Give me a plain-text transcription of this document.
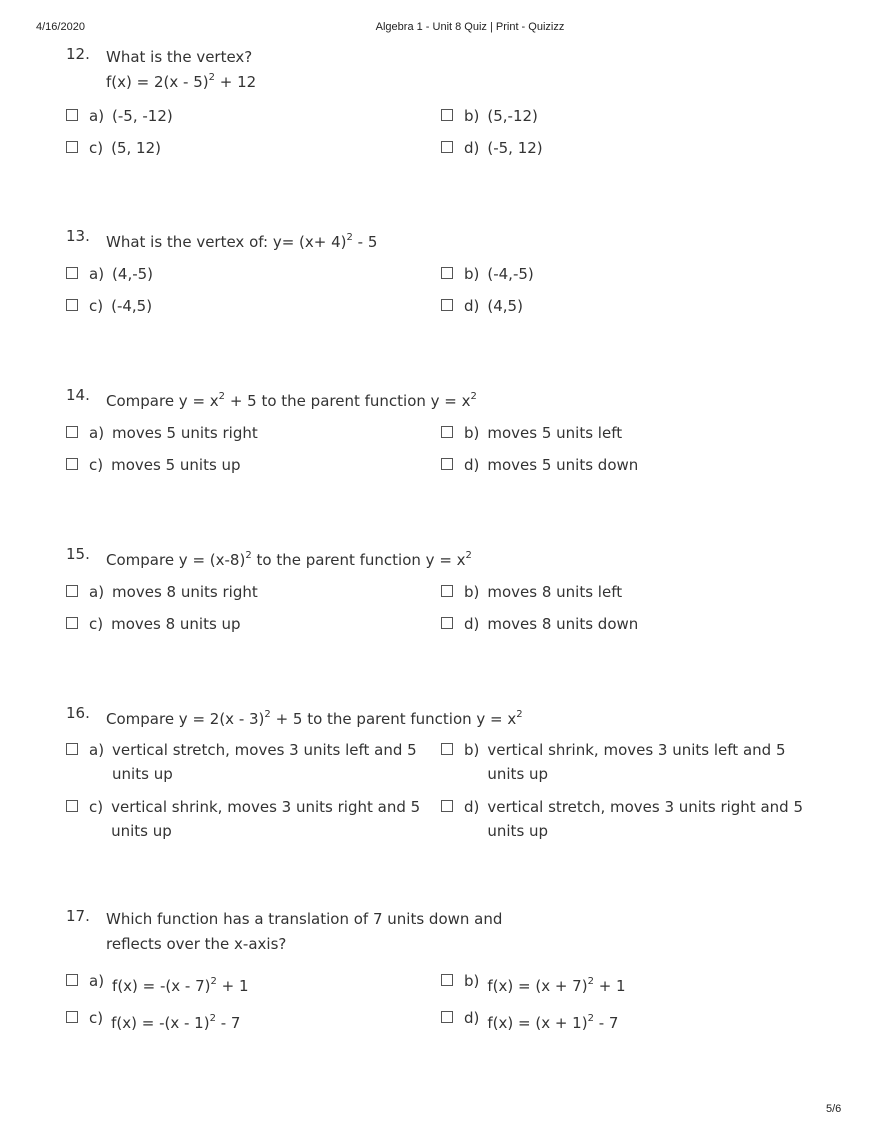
4/16/2020	Algebra 1 - Unit 8 Quiz | Print - Quizizz
12. What is the vertex?
f(x) = 2(x - 5)$^2$ + 12
a) (-5, -12)	b) (5,-12)
c) (5, 12)	d) (-5, 12)
13. What is the vertex of: $y= (x+ 4)^2 - 5$
a) (4,-5)	b) (-4,-5)
c) (-4,5)	d) (4,5)
14. Compare $y = x^2 + 5$ to the parent function $y = x^2$
a) moves 5 units right	b) moves 5 units left
c) moves 5 units up	d) moves 5 units down
15. Compare $y = (x-8)^2$ to the parent function $y = x^2$
a) moves 8 units right	b) moves 8 units left
c) moves 8 units up	d) moves 8 units down
16. Compare y = 2(x - 3)$^2$ + 5 to the parent function $y = x^2$
a) vertical stretch, moves 3 units left and 5 units up
b) vertical shrink, moves 3 units left and 5 units up
c) vertical shrink, moves 3 units right and 5 units up
d) vertical stretch, moves 3 units right and 5 units up
17. Which function has a translation of 7 units down and
reflects over the x-axis?
a) f(x) = -(x - 7)$^2$ + 1	b) $f(x) = (x + 7)^2 + 1$
c) f(x) = -(x - 1)$^2$ - 7	d) $f(x) = (x + 1)^2 - 7$
5/6
